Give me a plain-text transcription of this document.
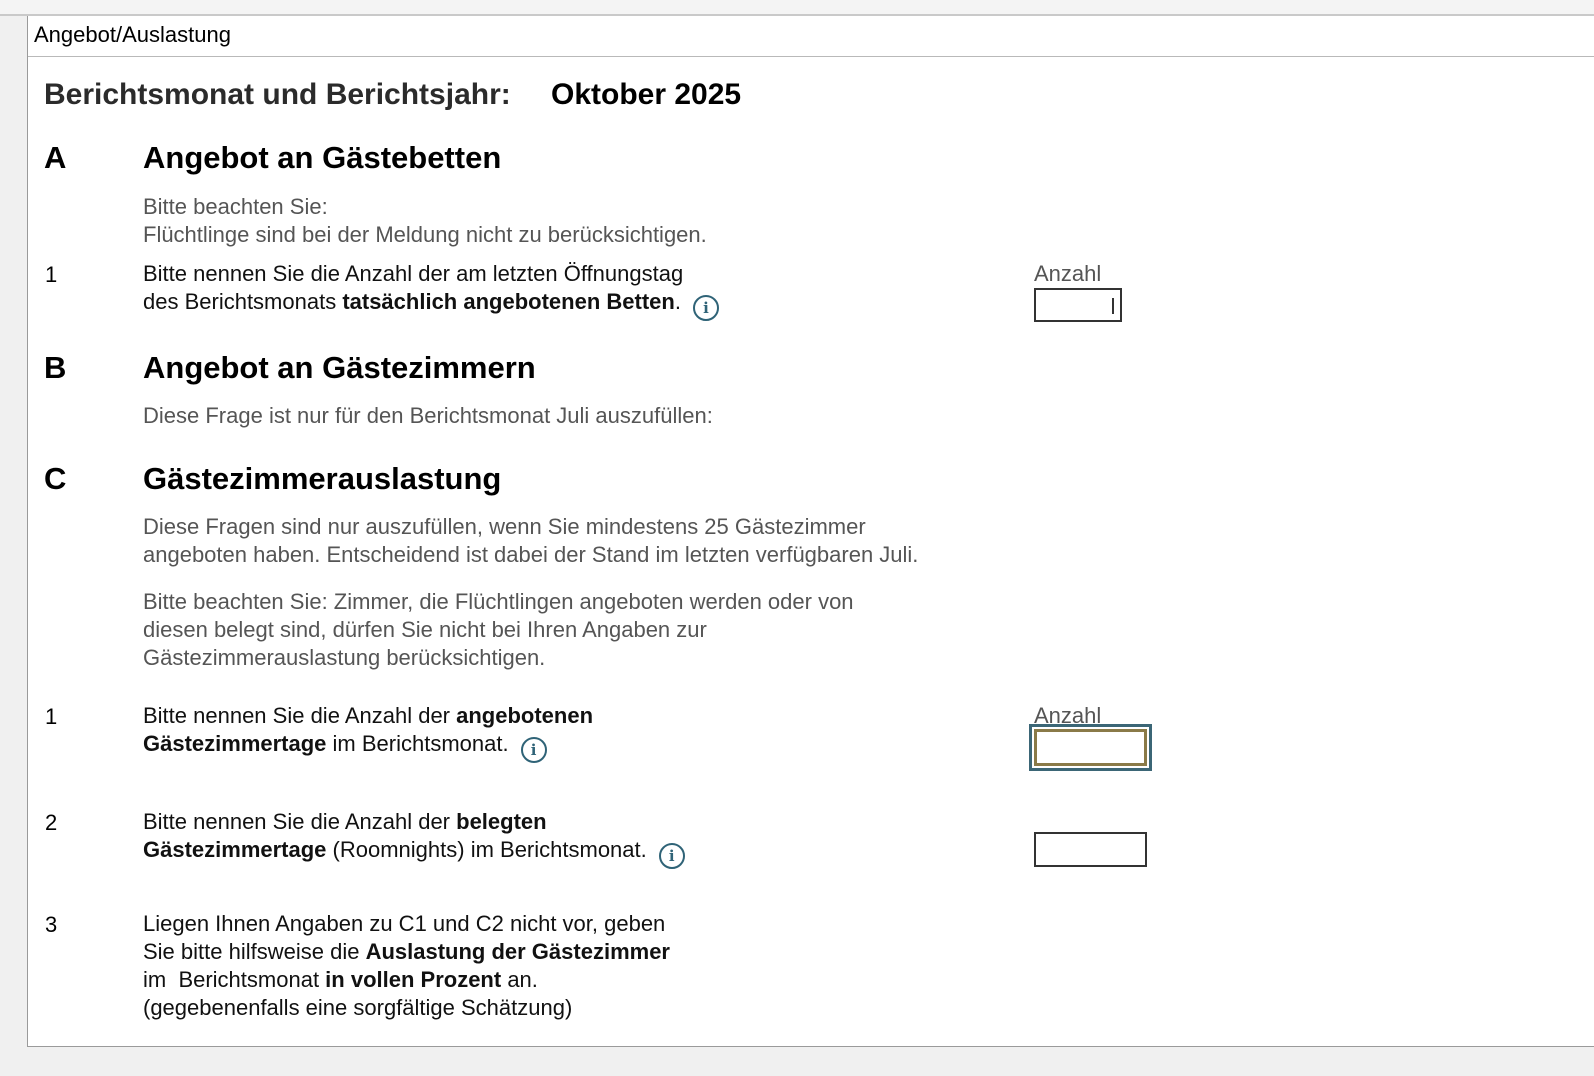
Angebot/Auslastung
Berichtsmonat und Berichtsjahr: Oktober 2025
A Angebot an Gästebetten
Bitte beachten Sie:
Flüchtlinge sind bei der Meldung nicht zu berücksichtigen.
1	Bitte nennen Sie die Anzahl der am letzten Öffnungstag
des Berichtsmonats tatsächlich angebotenen Betten. i
Anzahl
B Angebot an Gästezimmern
Diese Frage ist nur für den Berichtsmonat Juli auszufüllen:
C Gästezimmerauslastung
Diese Fragen sind nur auszufüllen, wenn Sie mindestens 25 Gästezimmer
angeboten haben. Entscheidend ist dabei der Stand im letzten verfügbaren Juli.
Bitte beachten Sie: Zimmer, die Flüchtlingen angeboten werden oder von
diesen belegt sind, dürfen Sie nicht bei Ihren Angaben zur
Gästezimmerauslastung berücksichtigen.
1	Bitte nennen Sie die Anzahl der angebotenen
Gästezimmertage im Berichtsmonat. i
Anzahl
2	Bitte nennen Sie die Anzahl der belegten
Gästezimmertage (Roomnights) im Berichtsmonat. i
3	Liegen Ihnen Angaben zu C1 und C2 nicht vor, geben
Sie bitte hilfsweise die Auslastung der Gästezimmer
im  Berichtsmonat in vollen Prozent an.
(gegebenenfalls eine sorgfältige Schätzung)
